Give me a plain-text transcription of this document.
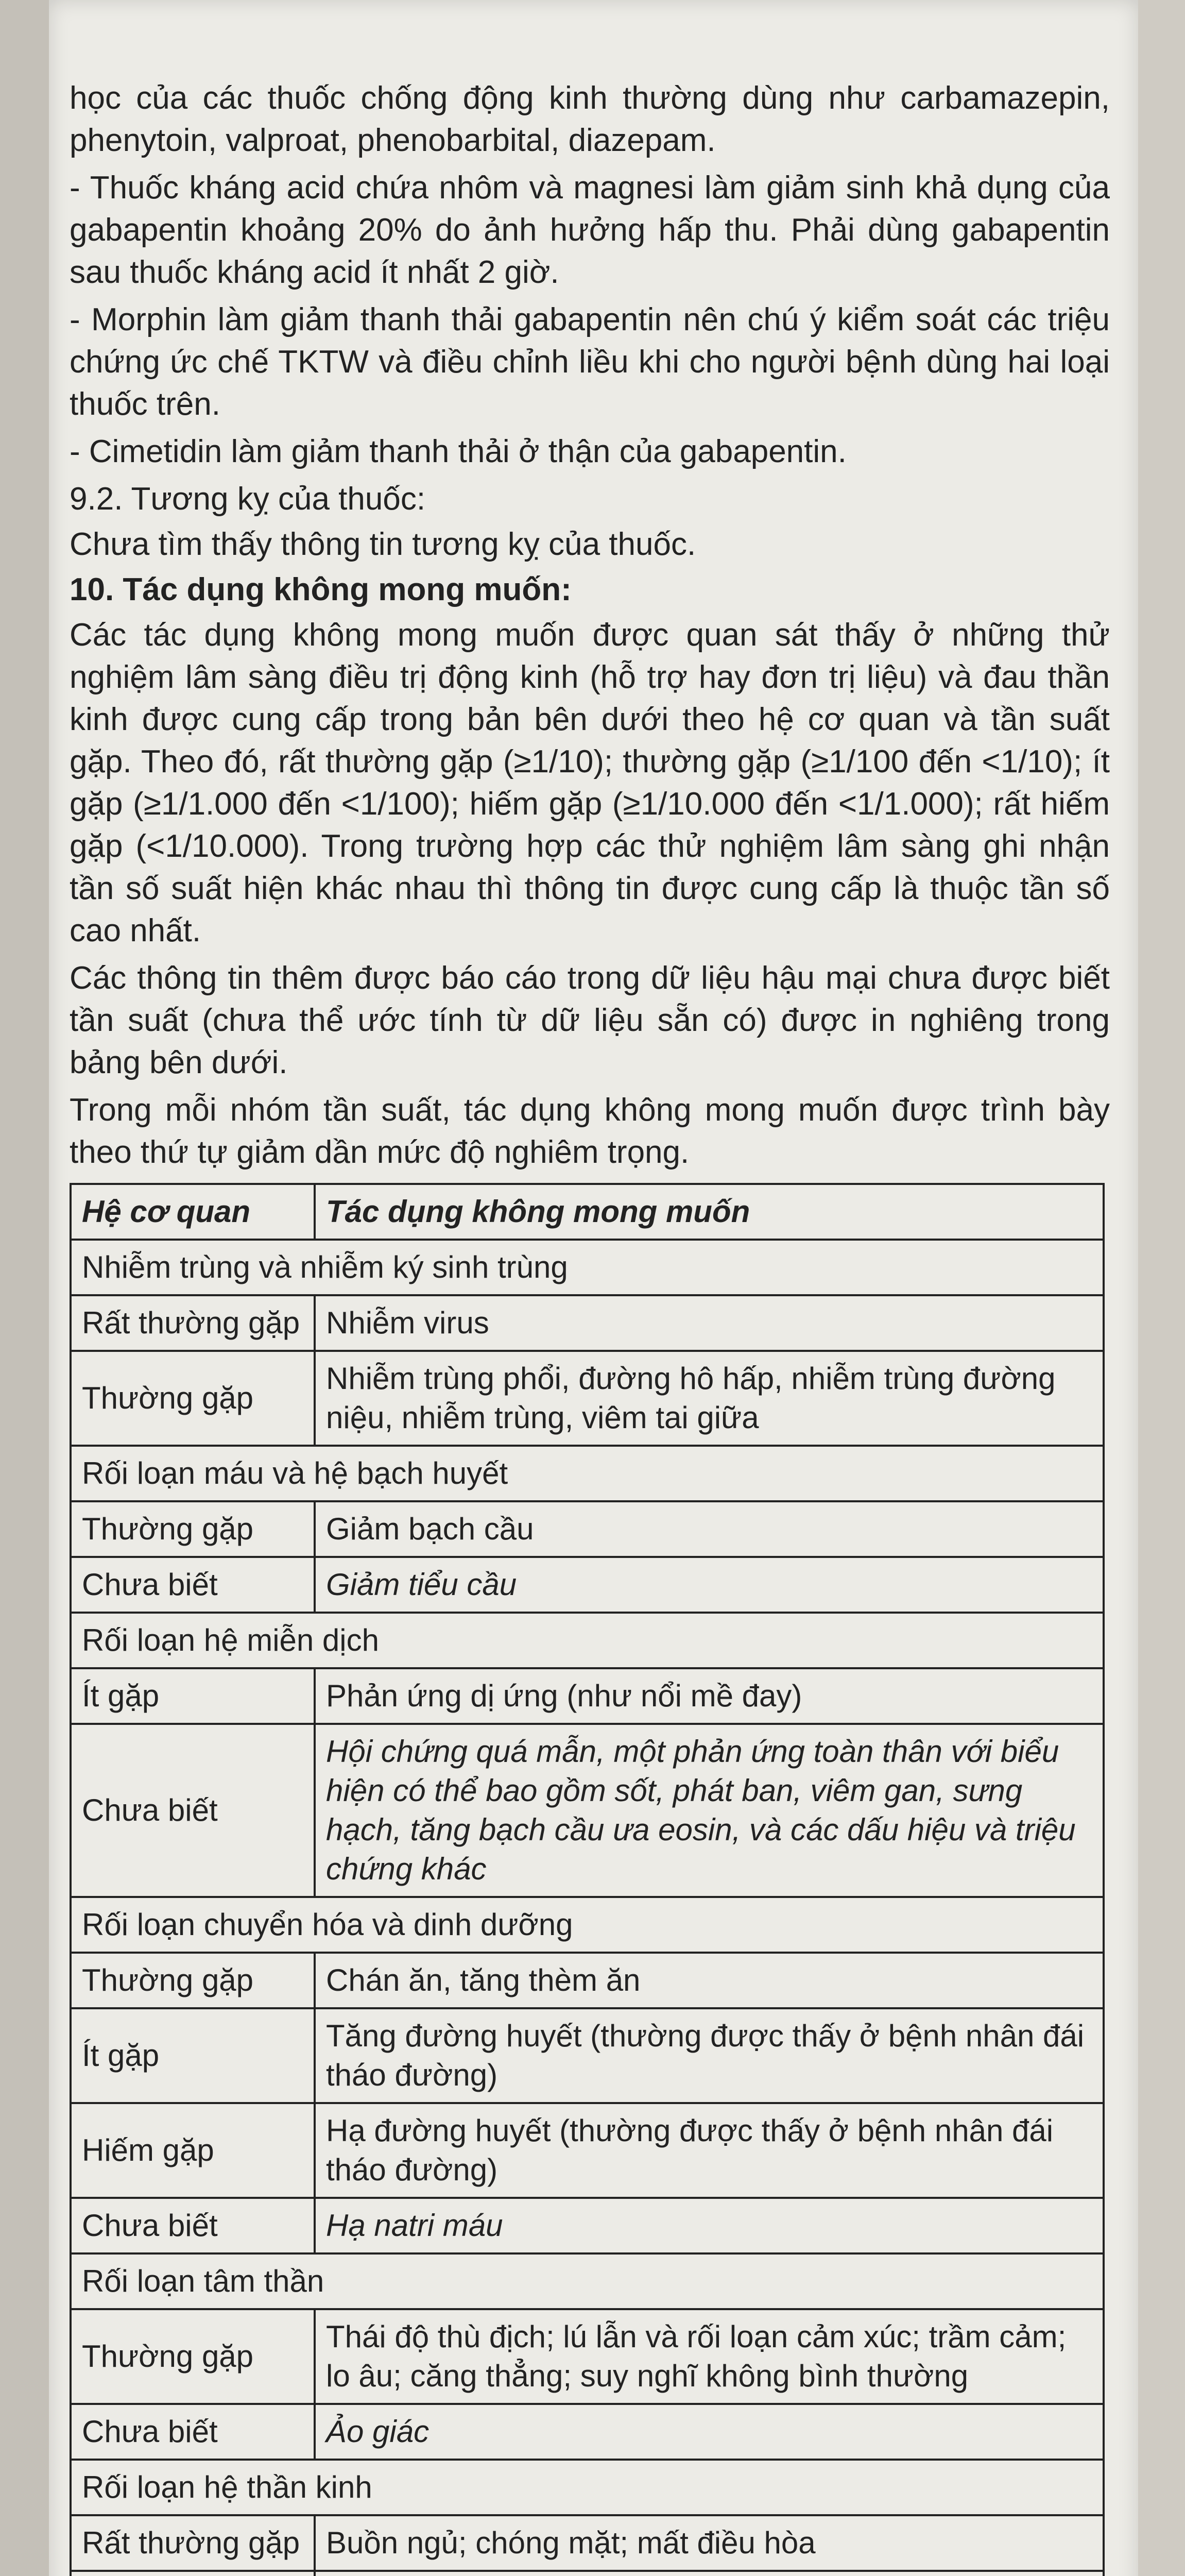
học của các thuốc chống động kinh thường dùng như carbamazepin, phenytoin, valproat, phenobarbital, diazepam.

- Thuốc kháng acid chứa nhôm và magnesi làm giảm sinh khả dụng của gabapentin khoảng 20% do ảnh hưởng hấp thu. Phải dùng gabapentin sau thuốc kháng acid ít nhất 2 giờ.

- Morphin làm giảm thanh thải gabapentin nên chú ý kiểm soát các triệu chứng ức chế TKTW và điều chỉnh liều khi cho người bệnh dùng hai loại thuốc trên.

- Cimetidin làm giảm thanh thải ở thận của gabapentin.

9.2. Tương kỵ của thuốc:

Chưa tìm thấy thông tin tương kỵ của thuốc.

10. Tác dụng không mong muốn:

Các tác dụng không mong muốn được quan sát thấy ở những thử nghiệm lâm sàng điều trị động kinh (hỗ trợ hay đơn trị liệu) và đau thần kinh được cung cấp trong bản bên dưới theo hệ cơ quan và tần suất gặp. Theo đó, rất thường gặp (≥1/10); thường gặp (≥1/100 đến <1/10); ít gặp (≥1/1.000 đến <1/100); hiếm gặp (≥1/10.000 đến <1/1.000); rất hiếm gặp (<1/10.000). Trong trường hợp các thử nghiệm lâm sàng ghi nhận tần số suất hiện khác nhau thì thông tin được cung cấp là thuộc tần số cao nhất.

Các thông tin thêm được báo cáo trong dữ liệu hậu mại chưa được biết tần suất (chưa thể ước tính từ dữ liệu sẵn có) được in nghiêng trong bảng bên dưới.

Trong mỗi nhóm tần suất, tác dụng không mong muốn được trình bày theo thứ tự giảm dần mức độ nghiêm trọng.

Hệ cơ quan	Tác dụng không mong muốn
Nhiễm trùng và nhiễm ký sinh trùng	
Rất thường gặp	Nhiễm virus
Thường gặp	Nhiễm trùng phổi, đường hô hấp, nhiễm trùng đường niệu, nhiễm trùng, viêm tai giữa
Rối loạn máu và hệ bạch huyết	
Thường gặp	Giảm bạch cầu
Chưa biết	Giảm tiểu cầu
Rối loạn hệ miễn dịch	
Ít gặp	Phản ứng dị ứng (như nổi mề đay)
Chưa biết	Hội chứng quá mẫn, một phản ứng toàn thân với biểu hiện có thể bao gồm sốt, phát ban, viêm gan, sưng hạch, tăng bạch cầu ưa eosin, và các dấu hiệu và triệu chứng khác
Rối loạn chuyển hóa và dinh dưỡng	
Thường gặp	Chán ăn, tăng thèm ăn
Ít gặp	Tăng đường huyết (thường được thấy ở bệnh nhân đái tháo đường)
Hiếm gặp	Hạ đường huyết (thường được thấy ở bệnh nhân đái tháo đường)
Chưa biết	Hạ natri máu
Rối loạn tâm thần	
Thường gặp	Thái độ thù địch; lú lẫn và rối loạn cảm xúc; trầm cảm; lo âu; căng thẳng; suy nghĩ không bình thường
Chưa biết	Ảo giác
Rối loạn hệ thần kinh	
Rất thường gặp	Buồn ngủ; chóng mặt; mất điều hòa
